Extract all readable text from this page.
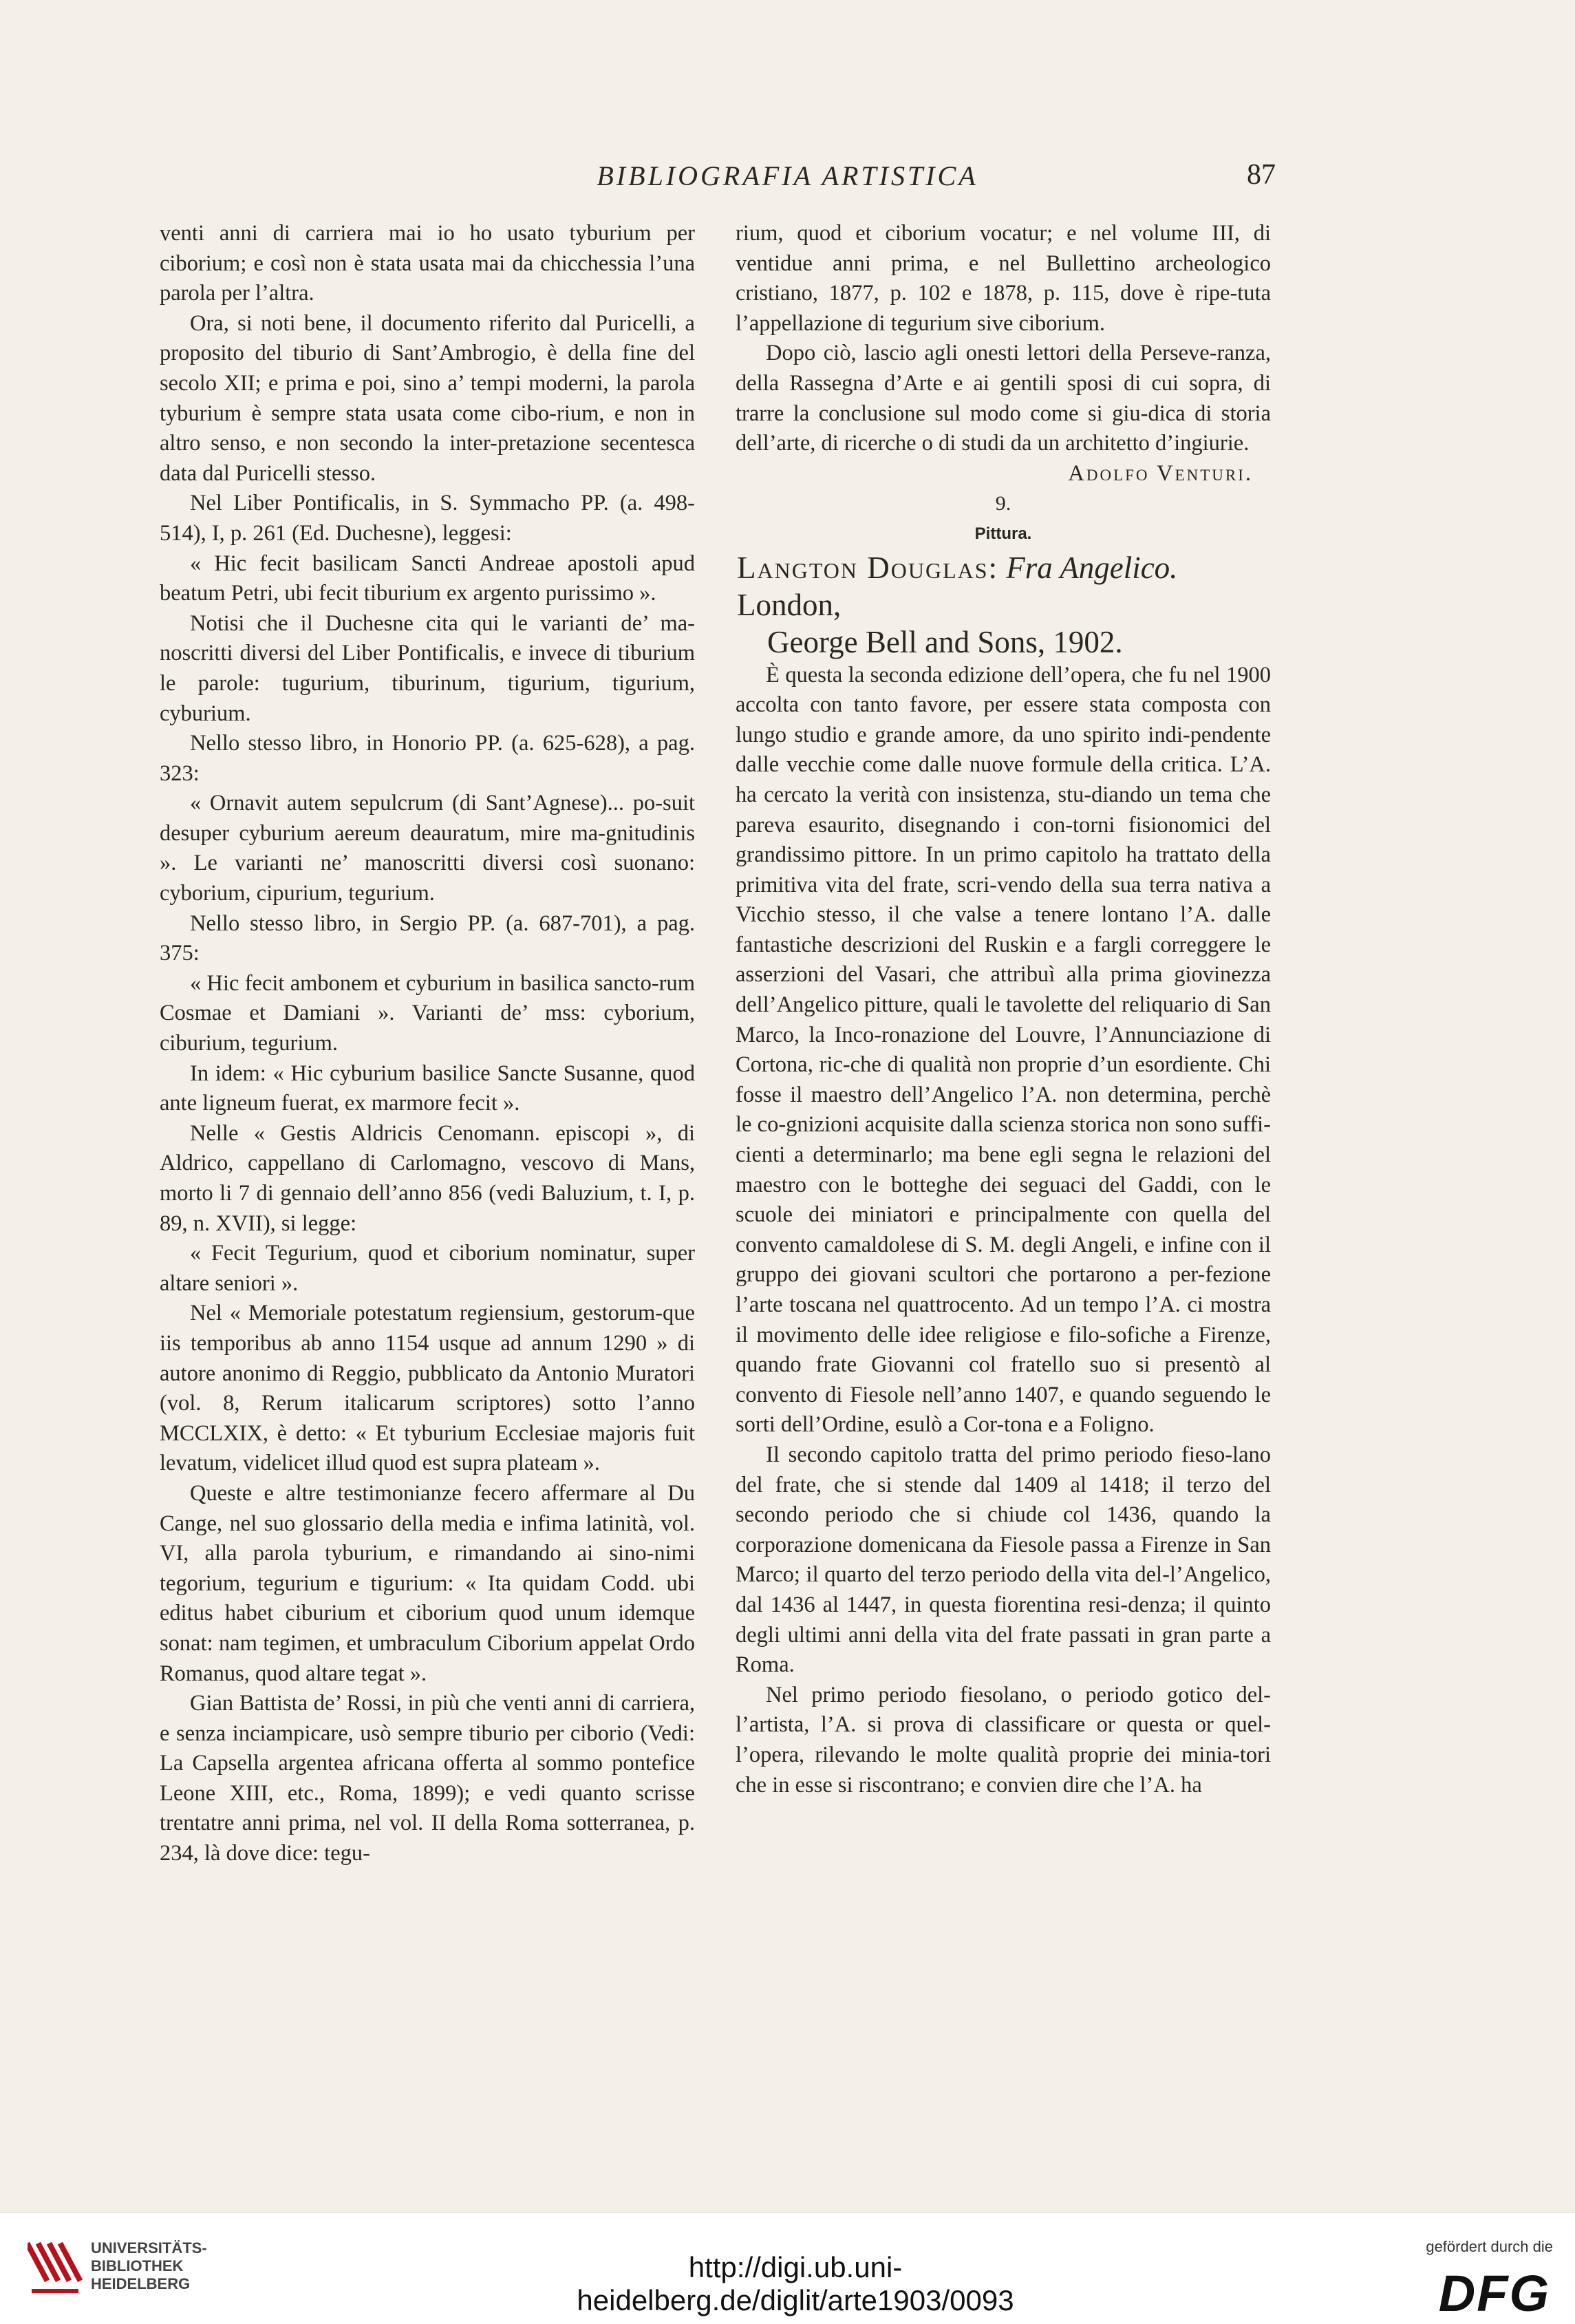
BIBLIOGRAFIA ARTISTICA	87

venti anni di carriera mai io ho usato tyburium per ciborium; e così non è stata usata mai da chicchessia l’una parola per l’altra.

Ora, si noti bene, il documento riferito dal Puricelli, a proposito del tiburio di Sant’Ambrogio, è della fine del secolo XII; e prima e poi, sino a’ tempi moderni, la parola tyburium è sempre stata usata come cibo-rium, e non in altro senso, e non secondo la inter-pretazione secentesca data dal Puricelli stesso.

Nel Liber Pontificalis, in S. Symmacho PP. (a. 498-514), I, p. 261 (Ed. Duchesne), leggesi:

« Hic fecit basilicam Sancti Andreae apostoli apud beatum Petri, ubi fecit tiburium ex argento purissimo ».

Notisi che il Duchesne cita qui le varianti de’ ma-noscritti diversi del Liber Pontificalis, e invece di tiburium le parole: tugurium, tiburinum, tigurium, tigurium, cyburium.

Nello stesso libro, in Honorio PP. (a. 625-628), a pag. 323:

« Ornavit autem sepulcrum (di Sant’Agnese)... po-suit desuper cyburium aereum deauratum, mire ma-gnitudinis ». Le varianti ne’ manoscritti diversi così suonano: cyborium, cipurium, tegurium.

Nello stesso libro, in Sergio PP. (a. 687-701), a pag. 375:

« Hic fecit ambonem et cyburium in basilica sancto-rum Cosmae et Damiani ». Varianti de’ mss: cyborium, ciburium, tegurium.

In idem: « Hic cyburium basilice Sancte Susanne, quod ante ligneum fuerat, ex marmore fecit ».

Nelle « Gestis Aldricis Cenomann. episcopi », di Aldrico, cappellano di Carlomagno, vescovo di Mans, morto li 7 di gennaio dell’anno 856 (vedi Baluzium, t. I, p. 89, n. XVII), si legge:

« Fecit Tegurium, quod et ciborium nominatur, super altare seniori ».

Nel « Memoriale potestatum regiensium, gestorum-que iis temporibus ab anno 1154 usque ad annum 1290 » di autore anonimo di Reggio, pubblicato da Antonio Muratori (vol. 8, Rerum italicarum scriptores) sotto l’anno MCCLXIX, è detto: « Et tyburium Ecclesiae majoris fuit levatum, videlicet illud quod est supra plateam ».

Queste e altre testimonianze fecero affermare al Du Cange, nel suo glossario della media e infima latinità, vol. VI, alla parola tyburium, e rimandando ai sino-nimi tegorium, tegurium e tigurium: « Ita quidam Codd. ubi editus habet ciburium et ciborium quod unum idemque sonat: nam tegimen, et umbraculum Ciborium appelat Ordo Romanus, quod altare tegat ».

Gian Battista de’ Rossi, in più che venti anni di carriera, e senza inciampicare, usò sempre tiburio per ciborio (Vedi: La Capsella argentea africana offerta al sommo pontefice Leone XIII, etc., Roma, 1899); e vedi quanto scrisse trentatre anni prima, nel vol. II della Roma sotterranea, p. 234, là dove dice: tegu-

rium, quod et ciborium vocatur; e nel volume III, di ventidue anni prima, e nel Bullettino archeologico cristiano, 1877, p. 102 e 1878, p. 115, dove è ripe-tuta l’appellazione di tegurium sive ciborium.

Dopo ciò, lascio agli onesti lettori della Perseve-ranza, della Rassegna d’Arte e ai gentili sposi di cui sopra, di trarre la conclusione sul modo come si giu-dica di storia dell’arte, di ricerche o di studi da un architetto d’ingiurie.

Adolfo Venturi.

9.

Pittura.

Langton Douglas: Fra Angelico. London,
George Bell and Sons, 1902.

È questa la seconda edizione dell’opera, che fu nel 1900 accolta con tanto favore, per essere stata composta con lungo studio e grande amore, da uno spirito indi-pendente dalle vecchie come dalle nuove formule della critica. L’A. ha cercato la verità con insistenza, stu-diando un tema che pareva esaurito, disegnando i con-torni fisionomici del grandissimo pittore. In un primo capitolo ha trattato della primitiva vita del frate, scri-vendo della sua terra nativa a Vicchio stesso, il che valse a tenere lontano l’A. dalle fantastiche descrizioni del Ruskin e a fargli correggere le asserzioni del Vasari, che attribuì alla prima giovinezza dell’Angelico pitture, quali le tavolette del reliquario di San Marco, la Inco-ronazione del Louvre, l’Annunciazione di Cortona, ric-che di qualità non proprie d’un esordiente. Chi fosse il maestro dell’Angelico l’A. non determina, perchè le co-gnizioni acquisite dalla scienza storica non sono suffi-cienti a determinarlo; ma bene egli segna le relazioni del maestro con le botteghe dei seguaci del Gaddi, con le scuole dei miniatori e principalmente con quella del convento camaldolese di S. M. degli Angeli, e infine con il gruppo dei giovani scultori che portarono a per-fezione l’arte toscana nel quattrocento. Ad un tempo l’A. ci mostra il movimento delle idee religiose e filo-sofiche a Firenze, quando frate Giovanni col fratello suo si presentò al convento di Fiesole nell’anno 1407, e quando seguendo le sorti dell’Ordine, esulò a Cor-tona e a Foligno.

Il secondo capitolo tratta del primo periodo fieso-lano del frate, che si stende dal 1409 al 1418; il terzo del secondo periodo che si chiude col 1436, quando la corporazione domenicana da Fiesole passa a Firenze in San Marco; il quarto del terzo periodo della vita del-l’Angelico, dal 1436 al 1447, in questa fiorentina resi-denza; il quinto degli ultimi anni della vita del frate passati in gran parte a Roma.

Nel primo periodo fiesolano, o periodo gotico del-l’artista, l’A. si prova di classificare or questa or quel-l’opera, rilevando le molte qualità proprie dei minia-tori che in esse si riscontrano; e convien dire che l’A. ha

UNIVERSITÄTS-
BIBLIOTHEK
HEIDELBERG
http://digi.ub.uni-heidelberg.de/diglit/arte1903/0093
gefördert durch die
DFG
